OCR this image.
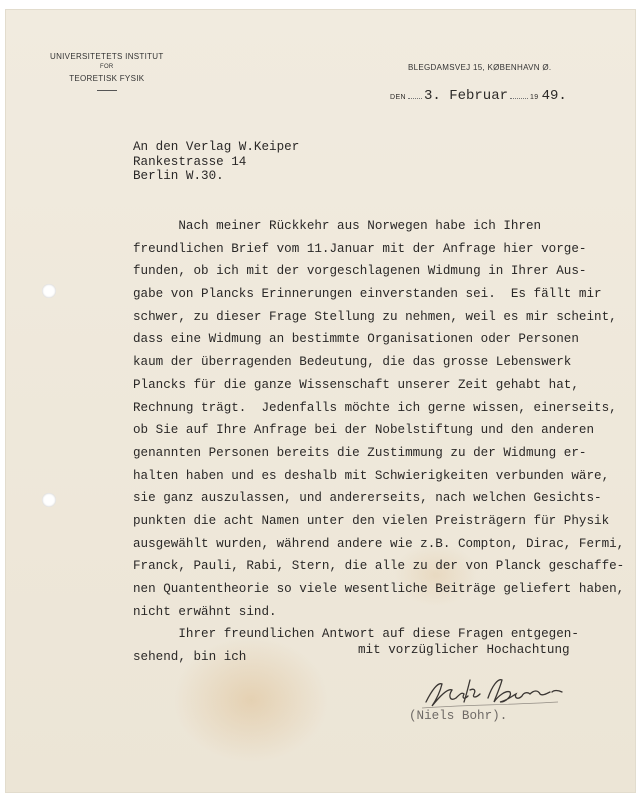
UNIVERSITETETS INSTITUT
FOR
TEORETISK FYSIK
BLEGDAMSVEJ 15, KØBENHAVN Ø.
DEN 3. Februar	19 49.
An den Verlag W.Keiper
Rankestrasse 14
Berlin W.30.
Nach meiner Rückkehr aus Norwegen habe ich Ihren
freundlichen Brief vom 11.Januar mit der Anfrage hier vorge-
funden, ob ich mit der vorgeschlagenen Widmung in Ihrer Aus-
gabe von Plancks Erinnerungen einverstanden sei.  Es fällt mir
schwer, zu dieser Frage Stellung zu nehmen, weil es mir scheint,
dass eine Widmung an bestimmte Organisationen oder Personen
kaum der überragenden Bedeutung, die das grosse Lebenswerk
Plancks für die ganze Wissenschaft unserer Zeit gehabt hat,
Rechnung trägt.  Jedenfalls möchte ich gerne wissen, einerseits,
ob Sie auf Ihre Anfrage bei der Nobelstiftung und den anderen
genannten Personen bereits die Zustimmung zu der Widmung er-
halten haben und es deshalb mit Schwierigkeiten verbunden wäre,
sie ganz auszulassen, und andererseits, nach welchen Gesichts-
punkten die acht Namen unter den vielen Preisträgern für Physik
ausgewählt wurden, während andere wie z.B. Compton, Dirac, Fermi,
Franck, Pauli, Rabi, Stern, die alle zu der von Planck geschaffe-
nen Quantentheorie so viele wesentliche Beiträge geliefert haben,
nicht erwähnt sind.
Ihrer freundlichen Antwort auf diese Fragen entgegen-
sehend, bin ich
mit vorzüglicher Hochachtung
(Niels Bohr).
